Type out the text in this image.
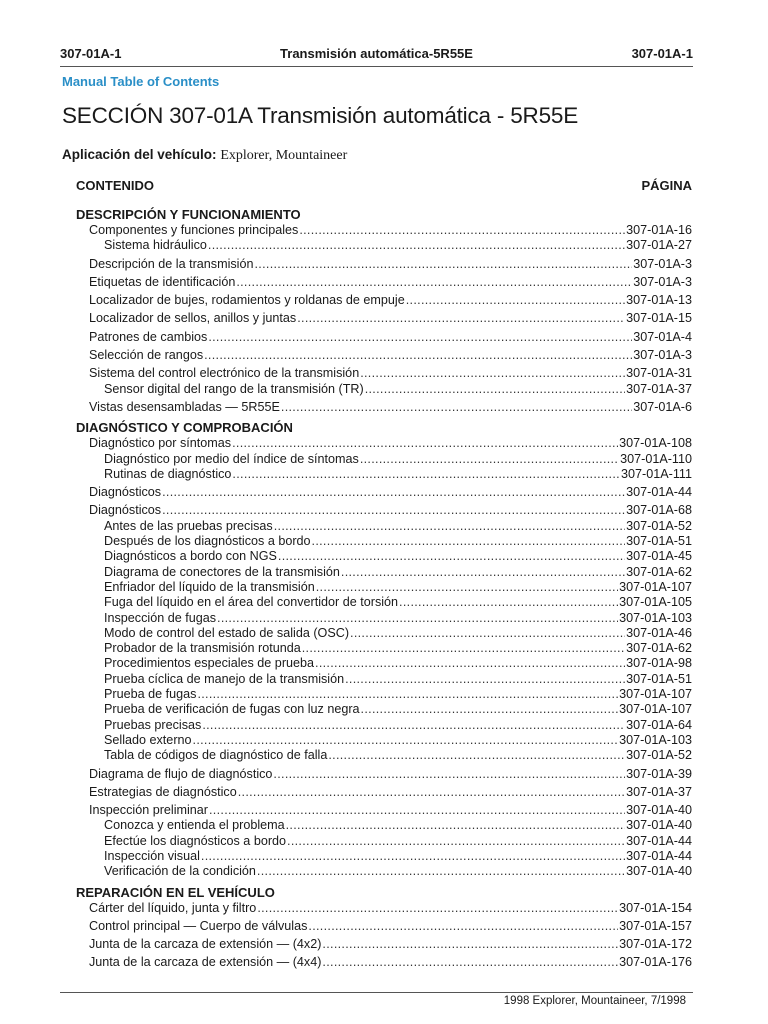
307-01A-1	Transmisión automática-5R55E	307-01A-1
Manual Table of Contents
SECCIÓN 307-01A Transmisión automática - 5R55E
Aplicación del vehículo: Explorer, Mountaineer
CONTENIDO	PÁGINA
DESCRIPCIÓN Y FUNCIONAMIENTO
Componentes y funciones principales .....	307-01A-16
Sistema hidráulico .....	307-01A-27
Descripción de la transmisión .....	307-01A-3
Etiquetas de identificación .....	307-01A-3
Localizador de bujes, rodamientos y roldanas de empuje .....	307-01A-13
Localizador de sellos, anillos y juntas .....	307-01A-15
Patrones de cambios .....	307-01A-4
Selección de rangos .....	307-01A-3
Sistema del control electrónico de la transmisión .....	307-01A-31
Sensor digital del rango de la transmisión (TR) .....	307-01A-37
Vistas desensambladas — 5R55E .....	307-01A-6
DIAGNÓSTICO Y COMPROBACIÓN
Diagnóstico por síntomas .....	307-01A-108
Diagnóstico por medio del índice de síntomas .....	307-01A-110
Rutinas de diagnóstico .....	307-01A-111
Diagnósticos .....	307-01A-44
Diagnósticos .....	307-01A-68
Antes de las pruebas precisas .....	307-01A-52
Después de los diagnósticos a bordo .....	307-01A-51
Diagnósticos a bordo con NGS .....	307-01A-45
Diagrama de conectores de la transmisión .....	307-01A-62
Enfriador del líquido de la transmisión .....	307-01A-107
Fuga del líquido en el área del convertidor de torsión .....	307-01A-105
Inspección de fugas .....	307-01A-103
Modo de control del estado de salida (OSC) .....	307-01A-46
Probador de la transmisión rotunda .....	307-01A-62
Procedimientos especiales de prueba .....	307-01A-98
Prueba cíclica de manejo de la transmisión .....	307-01A-51
Prueba de fugas .....	307-01A-107
Prueba de verificación de fugas con luz negra .....	307-01A-107
Pruebas precisas .....	307-01A-64
Sellado externo .....	307-01A-103
Tabla de códigos de diagnóstico de falla .....	307-01A-52
Diagrama de flujo de diagnóstico .....	307-01A-39
Estrategias de diagnóstico .....	307-01A-37
Inspección preliminar .....	307-01A-40
Conozca y entienda el problema .....	307-01A-40
Efectúe los diagnósticos a bordo .....	307-01A-44
Inspección visual .....	307-01A-44
Verificación de la condición .....	307-01A-40
REPARACIÓN EN EL VEHÍCULO
Cárter del líquido, junta y filtro .....	307-01A-154
Control principal — Cuerpo de válvulas .....	307-01A-157
Junta de la carcaza de extensión — (4x2) .....	307-01A-172
Junta de la carcaza de extensión — (4x4) .....	307-01A-176
1998 Explorer, Mountaineer, 7/1998
